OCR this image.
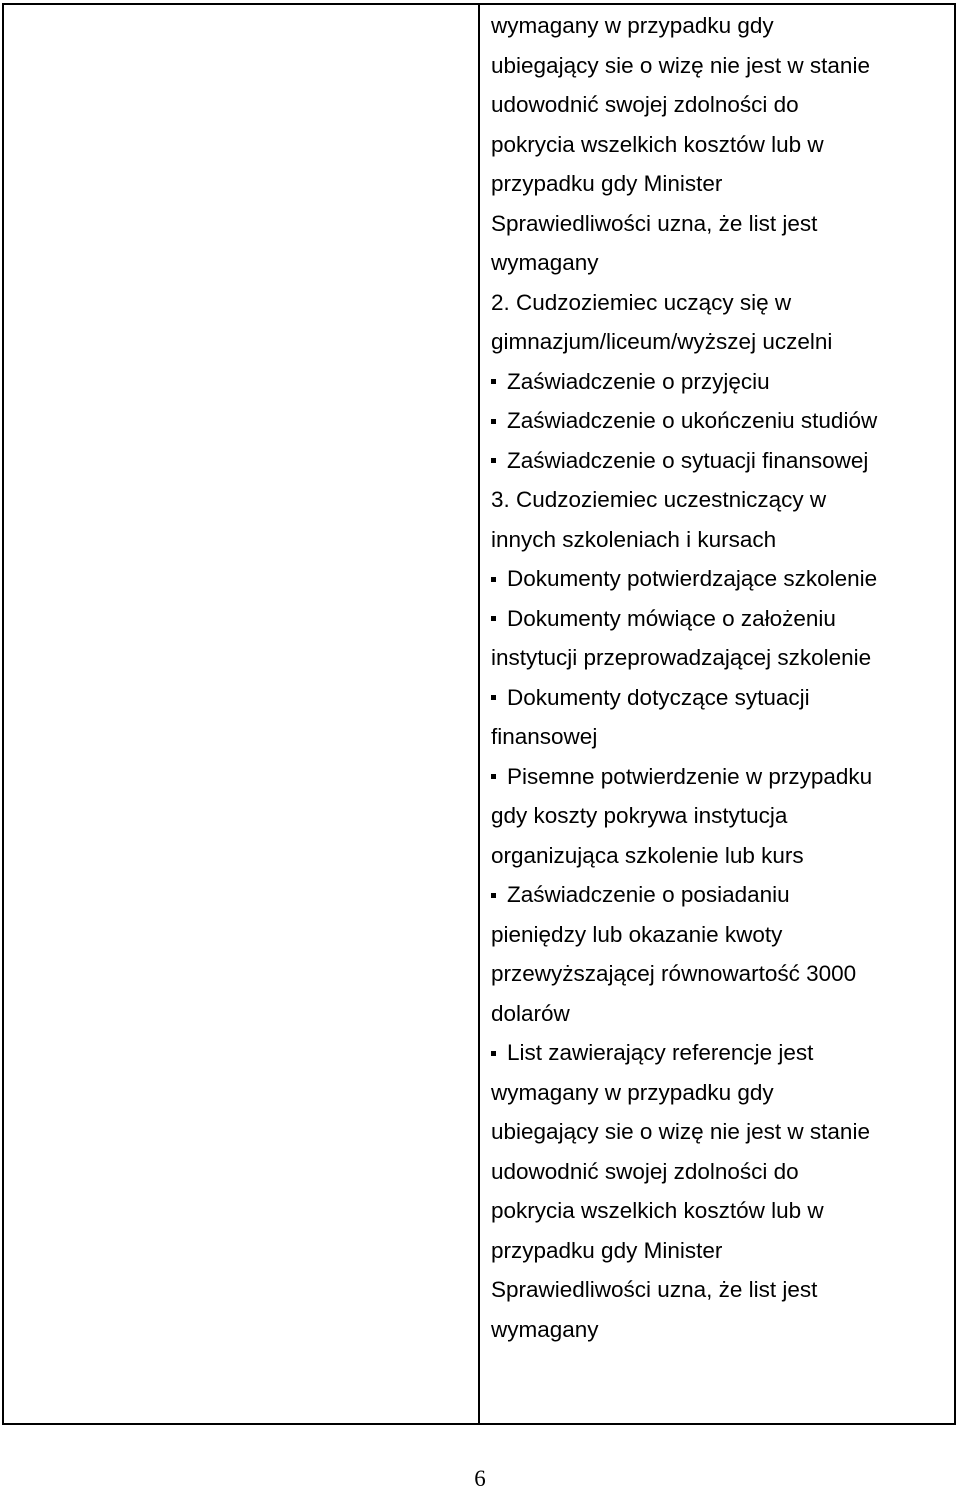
wymagany w przypadku gdy
ubiegający sie o wizę nie jest w stanie
udowodnić swojej zdolności do
pokrycia wszelkich kosztów lub w
przypadku gdy Minister
Sprawiedliwości uzna, że list jest
wymagany
2. Cudzoziemiec uczący się w
gimnazjum/liceum/wyższej uczelni
Zaświadczenie o przyjęciu
Zaświadczenie o ukończeniu studiów
Zaświadczenie o sytuacji finansowej
3. Cudzoziemiec uczestniczący w
innych szkoleniach i kursach
Dokumenty potwierdzające szkolenie
Dokumenty mówiące o założeniu
instytucji przeprowadzającej szkolenie
Dokumenty dotyczące sytuacji
finansowej
Pisemne potwierdzenie w przypadku
gdy koszty pokrywa instytucja
organizująca szkolenie lub kurs
Zaświadczenie o posiadaniu
pieniędzy lub okazanie kwoty
przewyższającej równowartość 3000
dolarów
List zawierający referencje jest
wymagany w przypadku gdy
ubiegający sie o wizę nie jest w stanie
udowodnić swojej zdolności do
pokrycia wszelkich kosztów lub w
przypadku gdy Minister
Sprawiedliwości uzna, że list jest
wymagany
6
